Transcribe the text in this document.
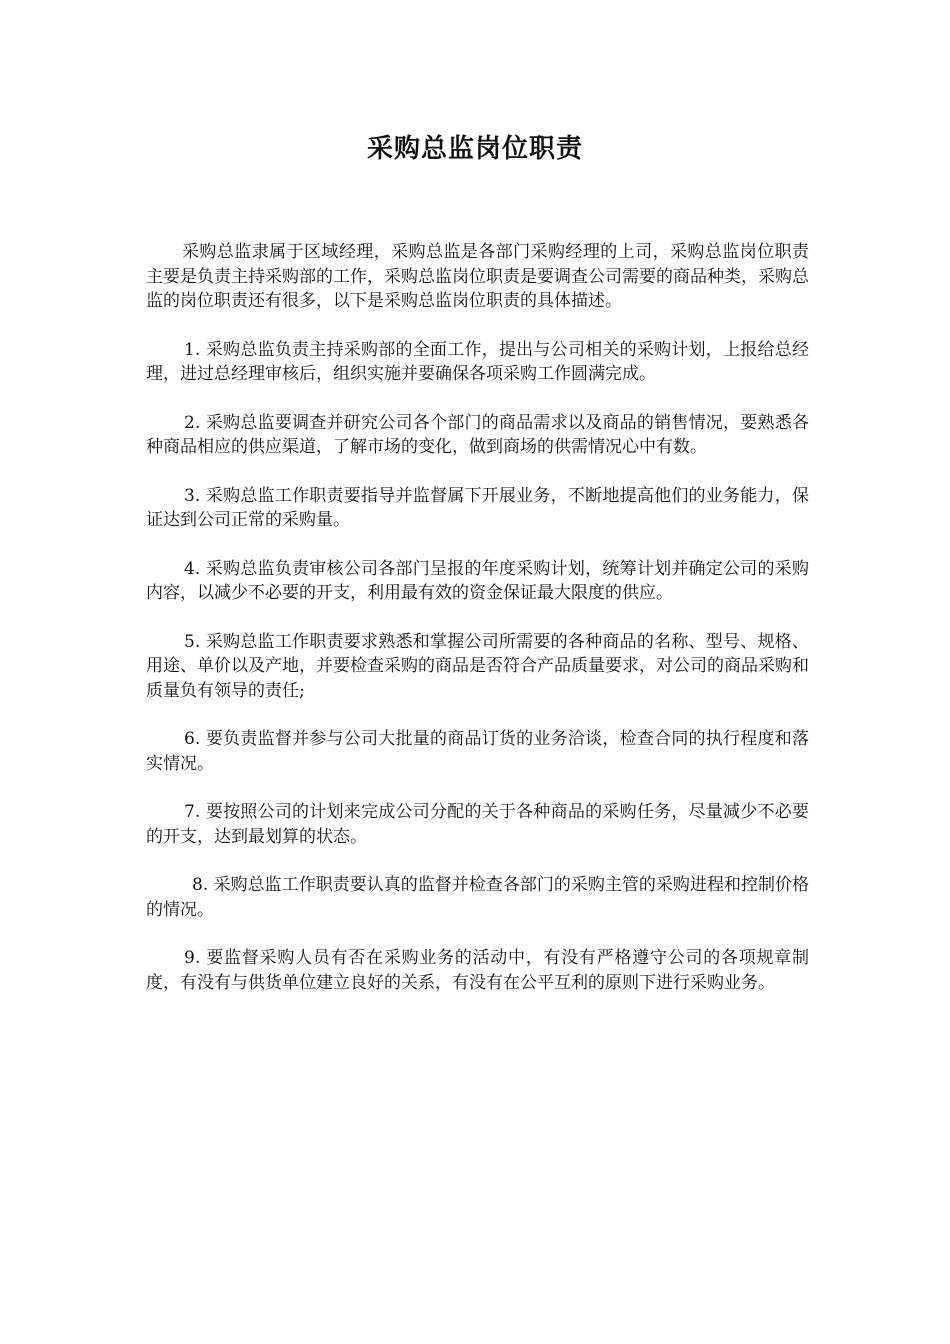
采购总监岗位职责

采购总监隶属于区域经理，采购总监是各部门采购经理的上司，采购总监岗位职责主要是负责主持采购部的工作，采购总监岗位职责是要调查公司需要的商品种类，采购总监的岗位职责还有很多，以下是采购总监岗位职责的具体描述。

1. 采购总监负责主持采购部的全面工作，提出与公司相关的采购计划，上报给总经理，进过总经理审核后，组织实施并要确保各项采购工作圆满完成。

2. 采购总监要调查并研究公司各个部门的商品需求以及商品的销售情况，要熟悉各种商品相应的供应渠道，了解市场的变化，做到商场的供需情况心中有数。

3. 采购总监工作职责要指导并监督属下开展业务，不断地提高他们的业务能力，保证达到公司正常的采购量。

4. 采购总监负责审核公司各部门呈报的年度采购计划，统筹计划并确定公司的采购内容，以减少不必要的开支，利用最有效的资金保证最大限度的供应。

5. 采购总监工作职责要求熟悉和掌握公司所需要的各种商品的名称、型号、规格、用途、单价以及产地，并要检查采购的商品是否符合产品质量要求，对公司的商品采购和质量负有领导的责任;

6. 要负责监督并参与公司大批量的商品订货的业务洽谈，检查合同的执行程度和落实情况。

7. 要按照公司的计划来完成公司分配的关于各种商品的采购任务，尽量减少不必要的开支，达到最划算的状态。

8. 采购总监工作职责要认真的监督并检查各部门的采购主管的采购进程和控制价格的情况。

9. 要监督采购人员有否在采购业务的活动中，有没有严格遵守公司的各项规章制度，有没有与供货单位建立良好的关系，有没有在公平互利的原则下进行采购业务。
